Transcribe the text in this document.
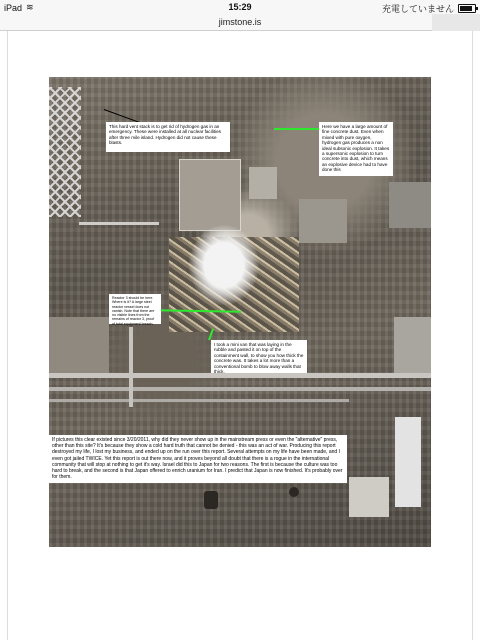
iPad ≋	15:29	充電していません
jimstone.is
This hard vent stack is to get rid of hydrogen gas in an emergency. These were installed at all nuclear facilities after three mile island. Hydrogen did not cause these blasts.
Here we have a large amount of fine concrete dust. Even when mixed with pure oxygen, hydrogen gas produces a non ideal subsonic explosion. It takes a supersonic explosion to turn concrete into dust, which means an explosive device had to have done this
Reactor 3 should be here. Where is it? A large steel reactor vessel does not vanish. Note that there are no visible lines from the remains of reactor 3, proof of total equipment breach.
I took a mini van that was laying in the rubble and pasted it on top of the containment wall, to show you how thick the concrete was. It takes a lot more than a conventional bomb to blow away walls that thick.
If pictures this clear existed since 3/20/2011, why did they never show up in the mainstream press or even the "alternative" press, other than this site? It's because they show a cold hard truth that cannot be denied - this was an act of war. Producing this report destroyed my life, I lost my business, and ended up on the run over this report. Several attempts on my life have been made, and I even got jailed TWICE. Yet this report is out there now, and it proves beyond all doubt that there is a rogue in the international community that will stop at nothing to get it's way. Israel did this to Japan for two reasons. The first is because the culture was too hard to break, and the second is that Japan offered to enrich uranium for Iran. I predict that Japan is now finished. It's probably over for them.
